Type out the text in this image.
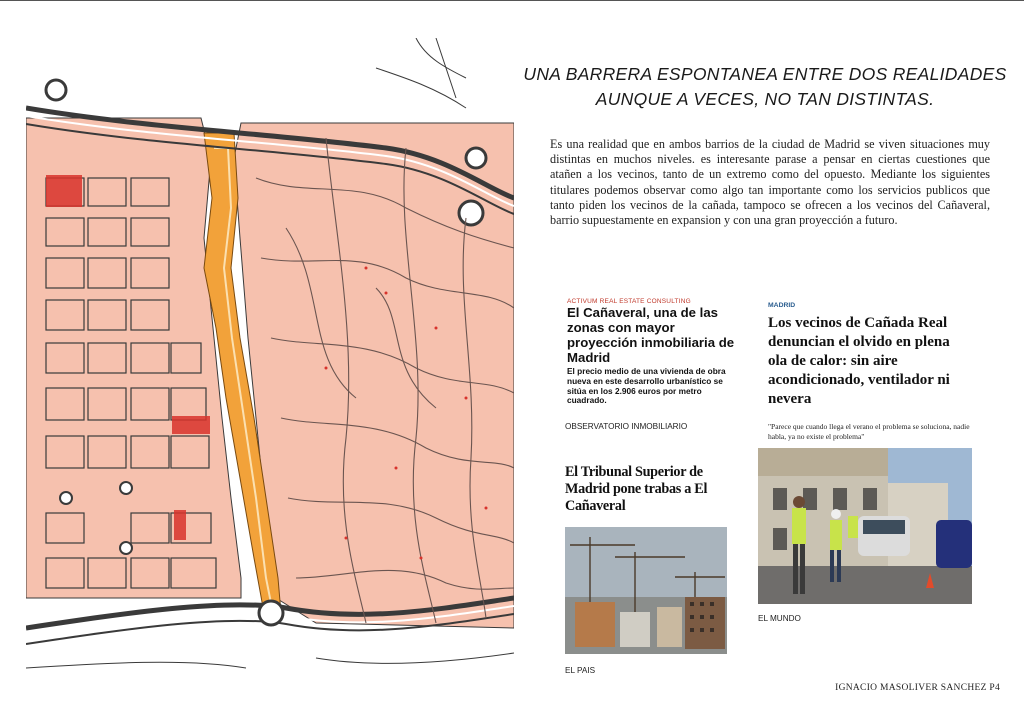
UNA BARRERA ESPONTANEA ENTRE DOS REALIDADES
AUNQUE A VECES, NO TAN DISTINTAS.

Es una realidad que en ambos barrios de la ciudad de Madrid se viven situaciones muy distintas en muchos niveles. es interesante parase a pensar en ciertas cuestiones que atañen a los vecinos, tanto de un extremo como del opuesto. Mediante los siguientes titulares podemos observar como algo tan importante como los servicios publicos que tanto piden los vecinos de la cañada, tampoco se ofrecen a los vecinos del Cañaveral, barrio supuestamente en expansion y con una gran proyección a futuro.

ACTIVUM REAL ESTATE CONSULTING
El Cañaveral, una de las zonas con mayor proyección inmobiliaria de Madrid
El precio medio de una vivienda de obra nueva en este desarrollo urbanístico se sitúa en los 2.906 euros por metro cuadrado.
OBSERVATORIO INMOBILIARIO
El Tribunal Superior de Madrid pone trabas a El Cañaveral
EL PAIS
MADRID
Los vecinos de Cañada Real denuncian el olvido en plena ola de calor: sin aire acondicionado, ventilador ni nevera
"Parece que cuando llega el verano el problema se soluciona, nadie habla, ya no existe el problema"
EL MUNDO
IGNACIO MASOLIVER SANCHEZ P4
